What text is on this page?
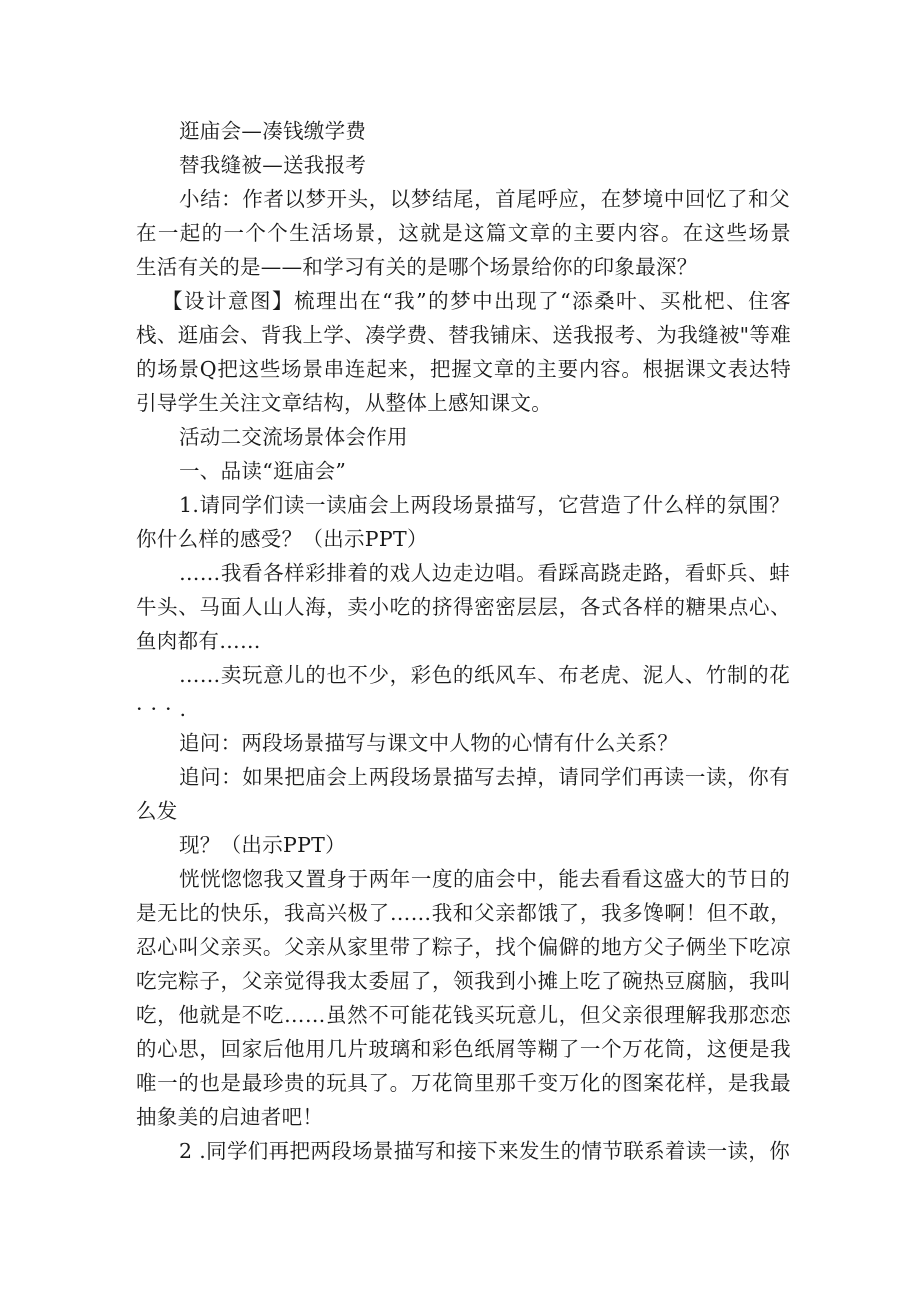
逛庙会—凑钱缴学费
替我缝被—送我报考
小结：作者以梦开头，以梦结尾，首尾呼应，在梦境中回忆了和父
在一起的一个个生活场景，这就是这篇文章的主要内容。在这些场景
生活有关的是——和学习有关的是哪个场景给你的印象最深？
【设计意图】梳理出在“我”的梦中出现了“添桑叶、买枇杷、住客
栈、逛庙会、背我上学、凑学费、替我铺床、送我报考、为我缝被"等难
的场景Q把这些场景串连起来，把握文章的主要内容。根据课文表达特
引导学生关注文章结构，从整体上感知课文。
活动二交流场景体会作用
一、品读“逛庙会”
1.请同学们读一读庙会上两段场景描写，它营造了什么样的氛围？
你什么样的感受？（出示PPT）
……我看各样彩排着的戏人边走边唱。看踩高跷走路，看虾兵、蚌
牛头、马面人山人海，卖小吃的挤得密密层层，各式各样的糖果点心、
鱼肉都有……
……卖玩意儿的也不少，彩色的纸风车、布老虎、泥人、竹制的花
···.
追问：两段场景描写与课文中人物的心情有什么关系？
追问：如果把庙会上两段场景描写去掉，请同学们再读一读，你有
么发
现？（出示PPT）
恍恍惚惚我又置身于两年一度的庙会中，能去看看这盛大的节日的
是无比的快乐，我高兴极了……我和父亲都饿了，我多馋啊！但不敢，
忍心叫父亲买。父亲从家里带了粽子，找个偏僻的地方父子俩坐下吃凉
吃完粽子，父亲觉得我太委屈了，领我到小摊上吃了碗热豆腐脑，我叫
吃，他就是不吃……虽然不可能花钱买玩意儿，但父亲很理解我那恋恋
的心思，回家后他用几片玻璃和彩色纸屑等糊了一个万花筒，这便是我
唯一的也是最珍贵的玩具了。万花筒里那千变万化的图案花样，是我最
抽象美的启迪者吧！
2 .同学们再把两段场景描写和接下来发生的情节联系着读一读，你
